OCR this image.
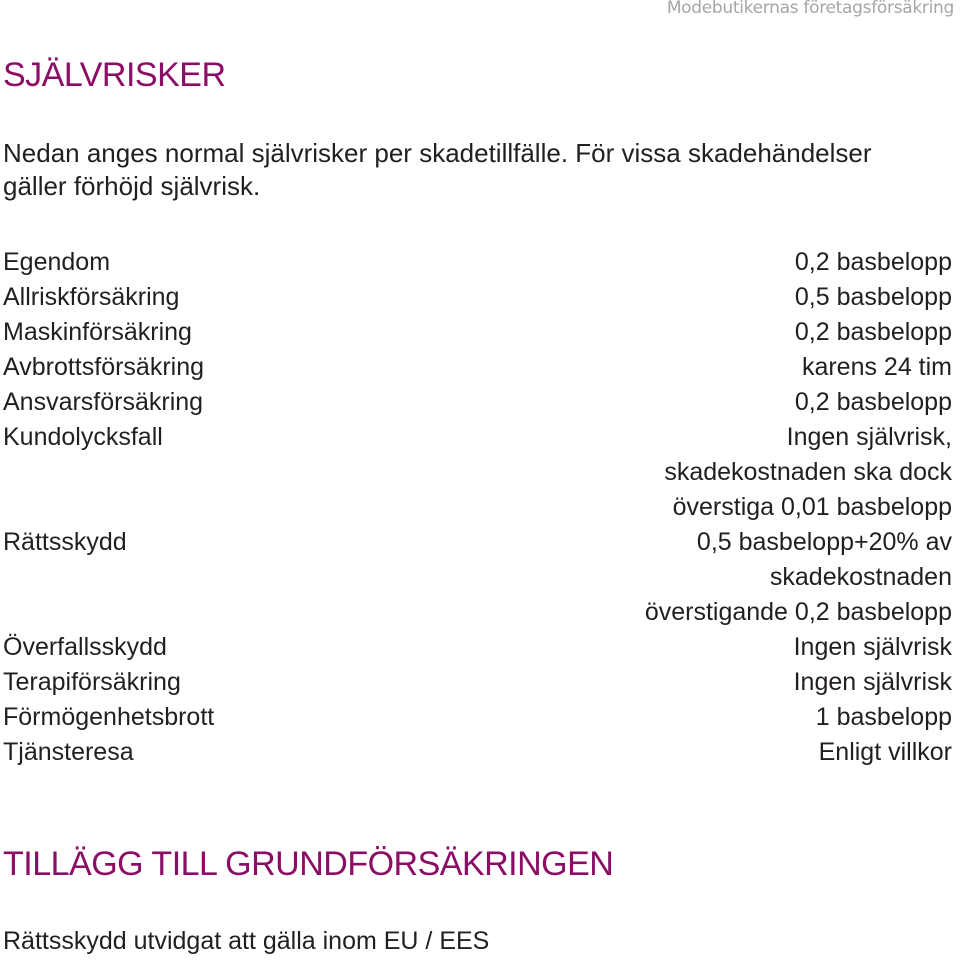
Modebutikernas företagsförsäkring
SJÄLVRISKER

Nedan anges normal självrisker per skadetillfälle. För vissa skadehändelser gäller förhöjd självrisk.

Egendom	0,2 basbelopp
Allriskförsäkring	0,5 basbelopp
Maskinförsäkring	0,2 basbelopp
Avbrottsförsäkring	karens 24 tim
Ansvarsförsäkring	0,2 basbelopp
Kundolycksfall	Ingen självrisk,
skadekostnaden ska dock
överstiga 0,01 basbelopp
Rättsskydd	0,5 basbelopp+20% av
skadekostnaden
överstigande 0,2 basbelopp
Överfallsskydd	Ingen självrisk
Terapiförsäkring	Ingen självrisk
Förmögenhetsbrott	1 basbelopp
Tjänsteresa	Enligt villkor
TILLÄGG TILL GRUNDFÖRSÄKRINGEN
Rättsskydd utvidgat att gälla inom EU / EES
